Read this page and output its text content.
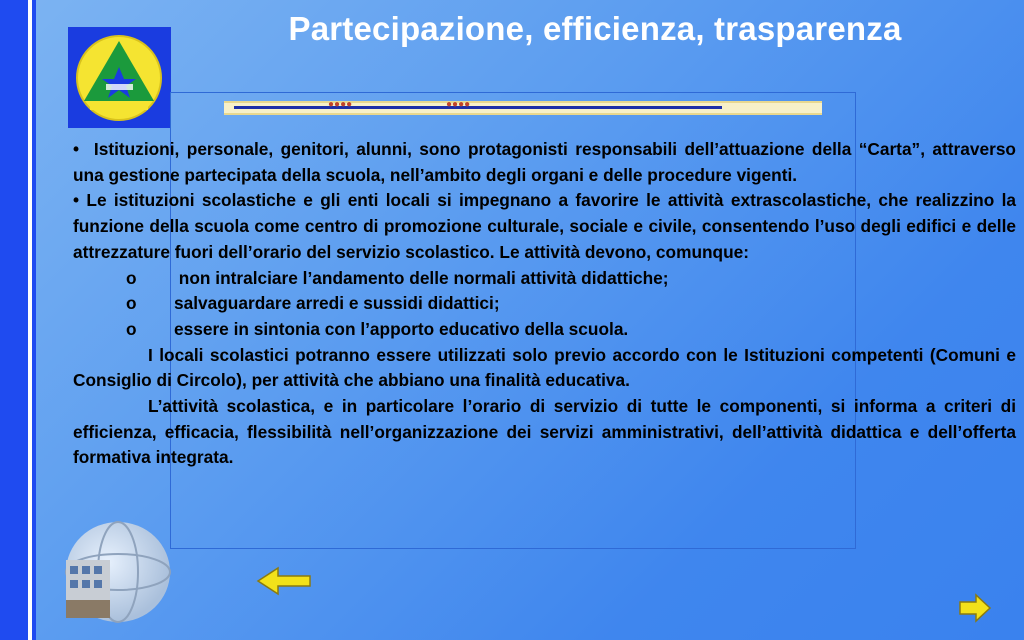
Partecipazione, efficienza, trasparenza
●●●●	●●●●

• Istituzioni, personale, genitori, alunni, sono protagonisti responsabili dell’attuazione della “Carta”, attraverso una gestione partecipata della scuola, nell’ambito degli organi e delle procedure vigenti.

• Le istituzioni scolastiche e gli enti locali si impegnano a favorire le attività extrascolastiche, che realizzino la funzione della scuola come centro di promozione culturale, sociale e civile, consentendo l’uso degli edifici e delle attrezzature fuori dell’orario del servizio scolastico. Le attività devono, comunque:

o non intralciare l’andamento delle normali attività didattiche;

o salvaguardare arredi e sussidi didattici;

o essere in sintonia con l’apporto educativo della scuola.

I locali scolastici potranno essere utilizzati solo previo accordo con le Istituzioni competenti (Comuni e Consiglio di Circolo), per attività che abbiano una finalità educativa.

L’attività scolastica, e in particolare l’orario di servizio di tutte le componenti, si informa a criteri di efficienza, efficacia, flessibilità nell’organizzazione dei servizi amministrativi, dell’attività didattica e dell’offerta formativa integrata.
